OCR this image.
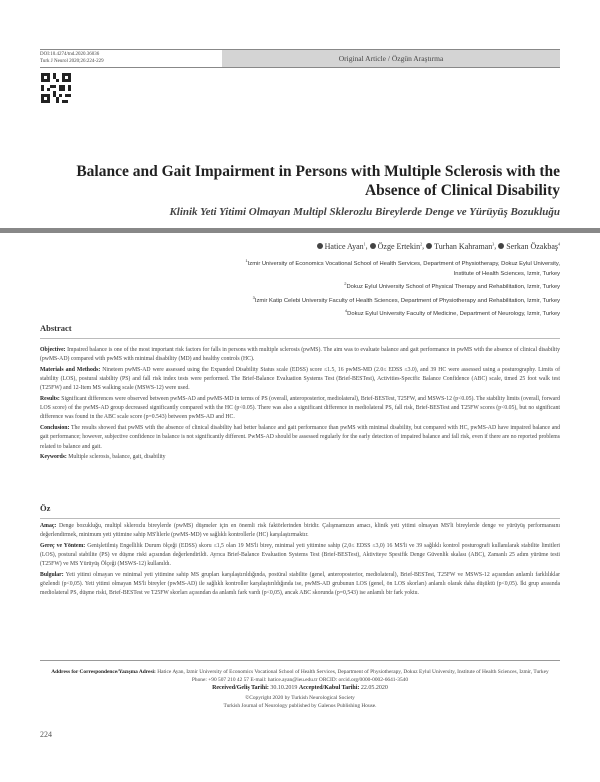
DOI:10.4274/tnd.2020.36036
Turk J Neurol 2020;26:224-229	Original Article / Özgün Araştırma
Balance and Gait Impairment in Persons with Multiple Sclerosis with the Absence of Clinical Disability
Klinik Yeti Yitimi Olmayan Multipl Sklerozlu Bireylerde Denge ve Yürüyüş Bozukluğu
Hatice Ayan$^1$, Özge Ertekin$^2$, Turhan Kahraman$^3$, Serkan Özakbaş$^4$
$^1$Izmir University of Economics Vocational School of Health Services, Department of Physiotherapy, Dokuz Eylul University,
Institute of Health Sciences, Izmir, Turkey
$^2$Dokuz Eylul University School of Physical Therapy and Rehabilitation, Izmir, Turkey
$^3$Izmir Katip Celebi University Faculty of Health Sciences, Department of Physiotherapy and Rehabilitation, Izmir, Turkey
$^4$Dokuz Eylul University Faculty of Medicine, Department of Neurology, Izmir, Turkey
Abstract

Objective: Impaired balance is one of the most important risk factors for falls in persons with multiple sclerosis (pwMS). The aim was to evaluate balance and gait performance in pwMS with the absence of clinical disability (pwMS-AD) compared with pwMS with minimal disability (MD) and healthy controls (HC).

Materials and Methods: Nineteen pwMS-AD were assessed using the Expanded Disability Status scale (EDSS) score ≤1.5, 16 pwMS-MD (2.0≤ EDSS ≤3.0), and 39 HC were assessed using a posturography. Limits of stability (LOS), postural stability (PS) and fall risk index tests were performed. The Brief-Balance Evaluation Systems Test (Brief-BESTest), Activities-Specific Balance Confidence (ABC) scale, timed 25 foot walk test (T25FW) and 12-Item MS walking scale (MSWS-12) were used.

Results: Significant differences were observed between pwMS-AD and pwMS-MD in terms of PS (overall, anteroposterior, mediolateral), Brief-BESTest, T25FW, and MSWS-12 (p<0.05). The stability limits (overall, forward LOS score) of the pwMS-AD group decreased significantly compared with the HC (p<0.05). There was also a significant difference in mediolateral PS, fall risk, Brief-BESTest and T25FW scores (p<0.05), but no significant difference was found in the ABC scale score (p=0.543) between pwMS-AD and HC.

Conclusion: The results showed that pwMS with the absence of clinical disability had better balance and gait performance than pwMS with minimal disability, but compared with HC, pwMS-AD have impaired balance and gait performance; however, subjective confidence in balance is not significantly different. PwMS-AD should be assessed regularly for the early detection of impaired balance and fall risk, even if there are no reported problems related to balance and gait.

Keywords: Multiple sclerosis, balance, gait, disability

Öz

Amaç: Denge bozukluğu, multipl sklerozlu bireylerde (pwMS) düşmeler için en önemli risk faktörlerinden biridir. Çalışmamızın amacı, klinik yeti yitimi olmayan MS'li bireylerde denge ve yürüyüş performansını değerlendirmek, minimum yeti yitimine sahip MS'lilerle (pwMS-MD) ve sağlıklı kontrollerle (HC) karşılaştırmaktır.

Gereç ve Yöntem: Genişletilmiş Engellilik Durum ölçeği (EDSS) skoru ≤1,5 olan 19 MS'li birey, minimal yeti yitimine sahip (2,0≤ EDSS ≤3,0) 16 MS'li ve 39 sağlıklı kontrol posturografi kullanılarak stabilite limitleri (LOS), postural stabilite (PS) ve düşme riski açısından değerlendirildi. Ayrıca Brief-Balance Evaluation Systems Test (Brief-BESTest), Aktiviteye Spesifik Denge Güvenlik skalası (ABC), Zamanlı 25 adım yürüme testi (T25FW) ve MS Yürüyüş Ölçeği (MSWS-12) kullanıldı.

Bulgular: Yeti yitimi olmayan ve minimal yeti yitimine sahip MS grupları karşılaştırıldığında, postüral stabilite (genel, anteroposterior, mediolateral), Brief-BESTest, T25FW ve MSWS-12 açısından anlamlı farklılıklar gözlendi (p<0,05). Yeti yitimi olmayan MS'li bireyler (pwMS-AD) ile sağlıklı kontroller karşılaştırıldığında ise, pwMS-AD grubunun LOS (genel, ön LOS skorları) anlamlı olarak daha düşüktü (p<0,05). İki grup arasında mediolateral PS, düşme riski, Brief-BESTest ve T25FW skorları açısından da anlamlı fark vardı (p<0,05), ancak ABC skorunda (p=0,543) ise anlamlı bir fark yoktu.

Address for Correspondence/Yazışma Adresi: Hatice Ayan, Izmir University of Economics Vocational School of Health Services, Department of Physiotherapy, Dokuz Eylul University, Institute of Health Sciences, Izmir, Turkey
Phone: +90 507 210 42 57 E-mail: hatice.ayan@ieu.edu.tr ORCID: orcid.org/0000-0002-6641-3540
Received/Geliş Tarihi: 30.10.2019 Accepted/Kabul Tarihi: 22.05.2020
©Copyright 2020 by Turkish Neurological Society
Turkish Journal of Neurology published by Galenos Publishing House.
224
